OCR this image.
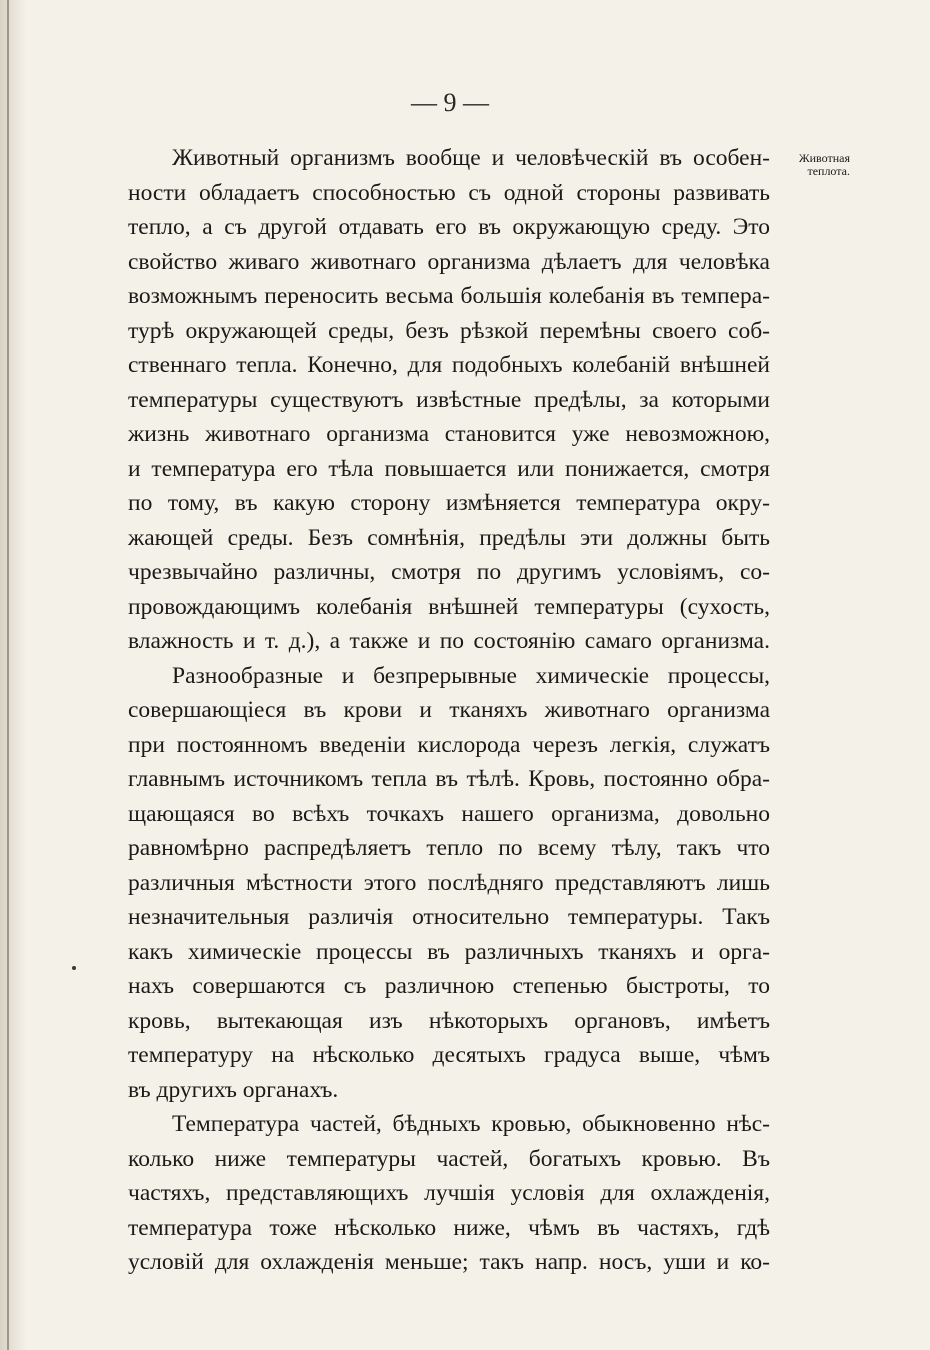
— 9 —
Животная
теплота.
Животный организмъ вообще и человѣческій въ особен-
ности обладаетъ способностью съ одной стороны развивать
тепло, а съ другой отдавать его въ окружающую среду. Это
свойство живаго животнаго организма дѣлаетъ для человѣка
возможнымъ переносить весьма большія колебанія въ темпера-
турѣ окружающей среды, безъ рѣзкой перемѣны своего соб-
ственнаго тепла. Конечно, для подобныхъ колебаній внѣшней
температуры существуютъ извѣстные предѣлы, за которыми
жизнь животнаго организма становится уже невозможною,
и температура его тѣла повышается или понижается, смотря
по тому, въ какую сторону измѣняется температура окру-
жающей среды. Безъ сомнѣнія, предѣлы эти должны быть
чрезвычайно различны, смотря по другимъ условіямъ, со-
провождающимъ колебанія внѣшней температуры (сухость,
влажность и т. д.), а также и по состоянію самаго организма.
Разнообразные и безпрерывные химическіе процессы,
совершающіеся въ крови и тканяхъ животнаго организма
при постоянномъ введеніи кислорода черезъ легкія, служатъ
главнымъ источникомъ тепла въ тѣлѣ. Кровь, постоянно обра-
щающаяся во всѣхъ точкахъ нашего организма, довольно
равномѣрно распредѣляетъ тепло по всему тѣлу, такъ что
различныя мѣстности этого послѣдняго представляютъ лишь
незначительныя различія относительно температуры. Такъ
какъ химическіе процессы въ различныхъ тканяхъ и орга-
нахъ совершаются съ различною степенью быстроты, то
кровь, вытекающая изъ нѣкоторыхъ органовъ, имѣетъ
температуру на нѣсколько десятыхъ градуса выше, чѣмъ
въ другихъ органахъ.
Температура частей, бѣдныхъ кровью, обыкновенно нѣс-
колько ниже температуры частей, богатыхъ кровью. Въ
частяхъ, представляющихъ лучшія условія для охлажденія,
температура тоже нѣсколько ниже, чѣмъ въ частяхъ, гдѣ
условій для охлажденія меньше; такъ напр. носъ, уши и ко-
